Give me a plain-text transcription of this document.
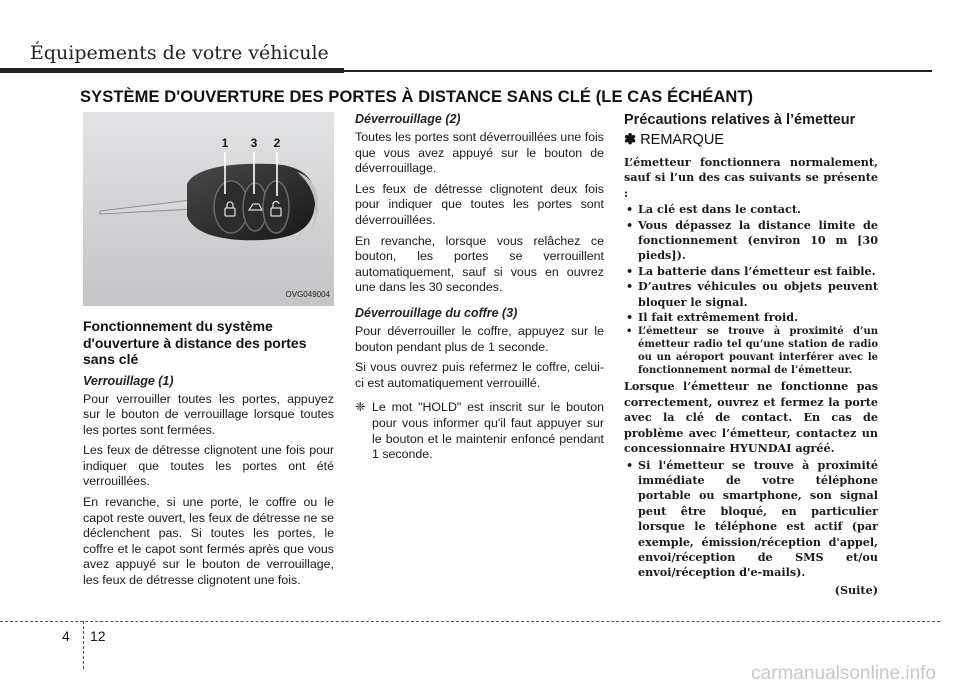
Équipements de votre véhicule
SYSTÈME D'OUVERTURE DES PORTES À DISTANCE SANS CLÉ (LE CAS ÉCHÉANT)
1 3 2
OVG049004
Fonctionnement du système d'ouverture à distance des portes sans clé
Verrouillage (1)

Pour verrouiller toutes les portes, appuyez sur le bouton de verrouillage lorsque toutes les portes sont fermées.

Les feux de détresse clignotent une fois pour indiquer que toutes les portes ont été verrouillées.

En revanche, si une porte, le coffre ou le capot reste ouvert, les feux de détresse ne se déclenchent pas. Si toutes les portes, le coffre et le capot sont fermés après que vous avez appuyé sur le bouton de verrouillage, les feux de détresse clignotent une fois.

Déverrouillage (2)

Toutes les portes sont déverrouillées une fois que vous avez appuyé sur le bouton de déverrouillage.

Les feux de détresse clignotent deux fois pour indiquer que toutes les portes sont déverrouillées.

En revanche, lorsque vous relâchez ce bouton, les portes se verrouillent automatiquement, sauf si vous en ouvrez une dans les 30 secondes.

Déverrouillage du coffre (3)

Pour déverrouiller le coffre, appuyez sur le bouton pendant plus de 1 seconde.

Si vous ouvrez puis refermez le coffre, celui-ci est automatiquement verrouillé.

❈ Le mot "HOLD" est inscrit sur le bouton pour vous informer qu'il faut appuyer sur le bouton et le maintenir enfoncé pendant 1 seconde.
Précautions relatives à l’émetteur
✽ REMARQUE

L’émetteur fonctionnera normalement, sauf si l’un des cas suivants se présente :

• La clé est dans le contact.
• Vous dépassez la distance limite de fonctionnement (environ 10 m [30 pieds]).
• La batterie dans l’émetteur est faible.
• D’autres véhicules ou objets peuvent bloquer le signal.
• Il fait extrêmement froid.
• L’émetteur se trouve à proximité d’un émetteur radio tel qu’une station de radio ou un aéroport pouvant interférer avec le fonctionnement normal de l’émetteur.

Lorsque l’émetteur ne fonctionne pas correctement, ouvrez et fermez la porte avec la clé de contact. En cas de problème avec l’émetteur, contactez un concessionnaire HYUNDAI agréé.

• Si l'émetteur se trouve à proximité immédiate de votre téléphone portable ou smartphone, son signal peut être bloqué, en particulier lorsque le téléphone est actif (par exemple, émission/réception d'appel, envoi/réception de SMS et/ou envoi/réception d'e-mails).
(Suite)
4 12
carmanualsonline.info
